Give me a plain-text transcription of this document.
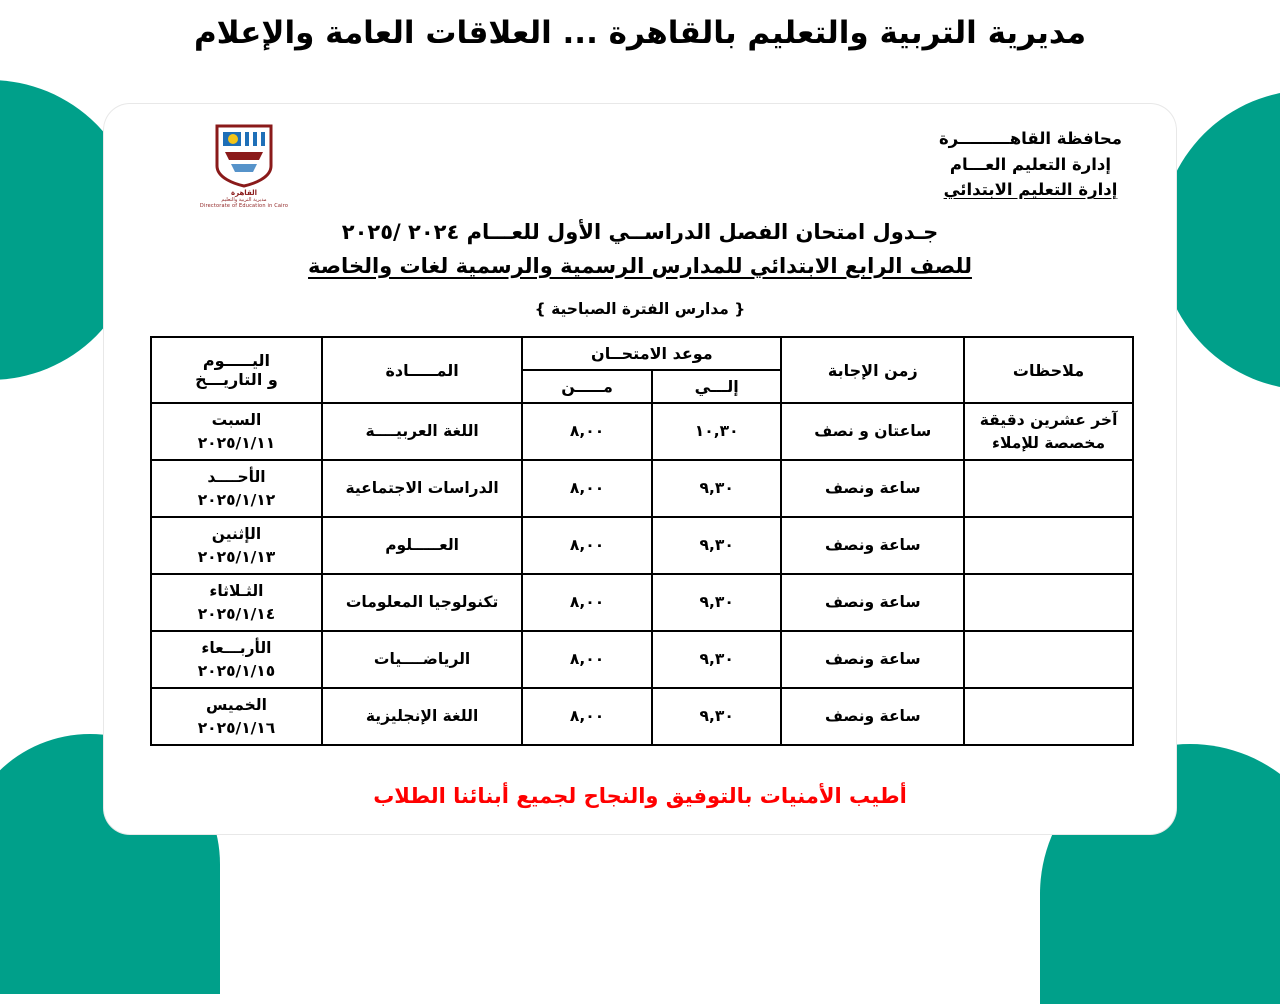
مديرية التربية والتعليم بالقاهرة ... العلاقات العامة والإعلام
القاهرة
مديرية التربية والتعليم
Directorate of Education in Cairo
محافظة القاهـــــــــرة
إدارة التعليم العـــام
إدارة التعليم الابتدائي
جـدول امتحان الفصل الدراســي الأول للعـــام ٢٠٢٤ /٢٠٢٥
للصف الرابع الابتدائي للمدارس الرسمية والرسمية لغات والخاصة
{ مدارس الفترة الصباحية }
ملاحظات	زمن الإجابة	موعد الامتحــان		المـــــادة	اليـــــوم
و التاريـــخ

		إلـــي	مـــــن		
آخر عشرين دقيقة مخصصة للإملاء	ساعتان و نصف	١٠,٣٠	٨,٠٠	اللغة العربيــــة	السبت
٢٠٢٥/١/١١

	ساعة ونصف	٩,٣٠	٨,٠٠	الدراسات الاجتماعية	الأحــــد
٢٠٢٥/١/١٢

	ساعة ونصف	٩,٣٠	٨,٠٠	العـــــلوم	الإثنين
٢٠٢٥/١/١٣

	ساعة ونصف	٩,٣٠	٨,٠٠	تكنولوجيا المعلومات	الثـلاثاء
٢٠٢٥/١/١٤

	ساعة ونصف	٩,٣٠	٨,٠٠	الرياضــــيات	الأربـــعاء
٢٠٢٥/١/١٥

	ساعة ونصف	٩,٣٠	٨,٠٠	اللغة الإنجليزية	الخميس
٢٠٢٥/١/١٦
أطيب الأمنيات بالتوفيق والنجاح لجميع أبنائنا الطلاب
